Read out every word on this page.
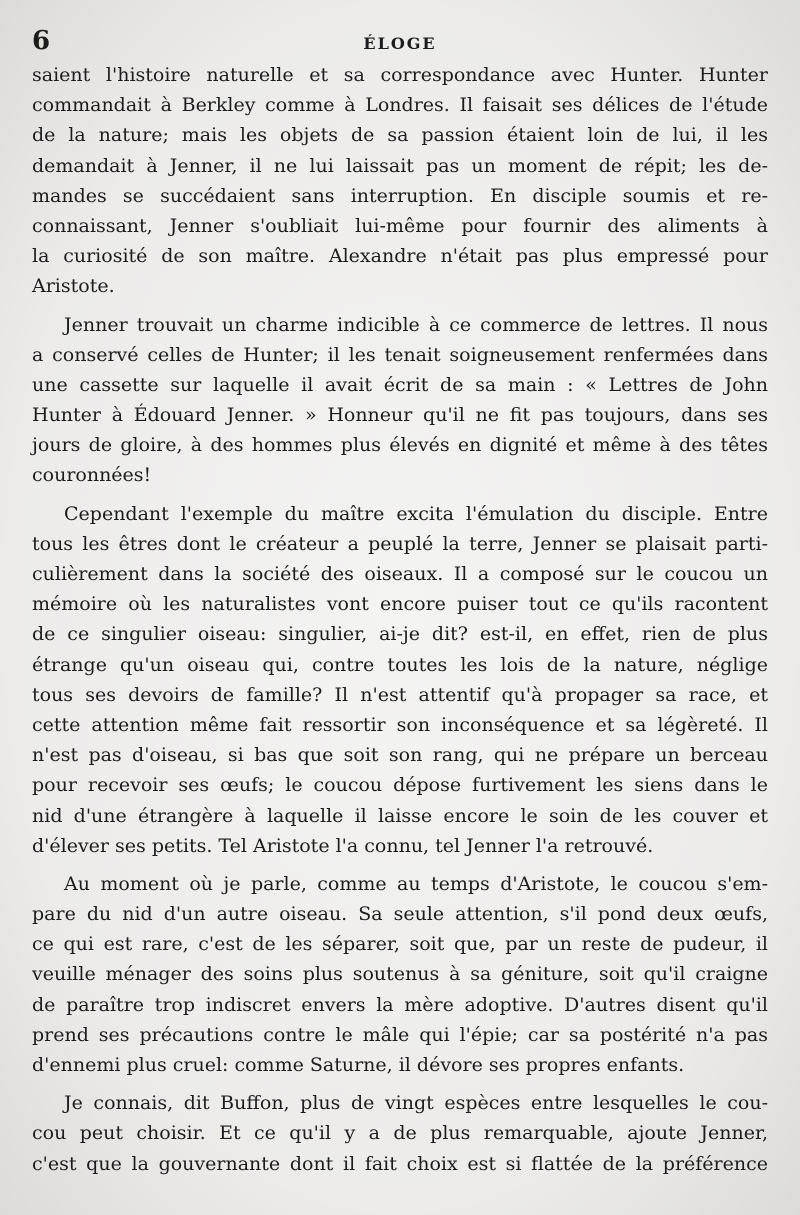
6	ÉLOGE
saient l'histoire naturelle et sa correspondance avec Hunter. Hunter
commandait à Berkley comme à Londres. Il faisait ses délices de l'étude
de la nature; mais les objets de sa passion étaient loin de lui, il les
demandait à Jenner, il ne lui laissait pas un moment de répit; les de-
mandes se succédaient sans interruption. En disciple soumis et re-
connaissant, Jenner s'oubliait lui-même pour fournir des aliments à
la curiosité de son maître. Alexandre n'était pas plus empressé pour
Aristote.
Jenner trouvait un charme indicible à ce commerce de lettres. Il nous
a conservé celles de Hunter; il les tenait soigneusement renfermées dans
une cassette sur laquelle il avait écrit de sa main : « Lettres de John
Hunter à Édouard Jenner. » Honneur qu'il ne fit pas toujours, dans ses
jours de gloire, à des hommes plus élevés en dignité et même à des têtes
couronnées!
Cependant l'exemple du maître excita l'émulation du disciple. Entre
tous les êtres dont le créateur a peuplé la terre, Jenner se plaisait parti-
culièrement dans la société des oiseaux. Il a composé sur le coucou un
mémoire où les naturalistes vont encore puiser tout ce qu'ils racontent
de ce singulier oiseau: singulier, ai-je dit? est-il, en effet, rien de plus
étrange qu'un oiseau qui, contre toutes les lois de la nature, néglige
tous ses devoirs de famille? Il n'est attentif qu'à propager sa race, et
cette attention même fait ressortir son inconséquence et sa légèreté. Il
n'est pas d'oiseau, si bas que soit son rang, qui ne prépare un berceau
pour recevoir ses œufs; le coucou dépose furtivement les siens dans le
nid d'une étrangère à laquelle il laisse encore le soin de les couver et
d'élever ses petits. Tel Aristote l'a connu, tel Jenner l'a retrouvé.
Au moment où je parle, comme au temps d'Aristote, le coucou s'em-
pare du nid d'un autre oiseau. Sa seule attention, s'il pond deux œufs,
ce qui est rare, c'est de les séparer, soit que, par un reste de pudeur, il
veuille ménager des soins plus soutenus à sa géniture, soit qu'il craigne
de paraître trop indiscret envers la mère adoptive. D'autres disent qu'il
prend ses précautions contre le mâle qui l'épie; car sa postérité n'a pas
d'ennemi plus cruel: comme Saturne, il dévore ses propres enfants.
Je connais, dit Buffon, plus de vingt espèces entre lesquelles le cou-
cou peut choisir. Et ce qu'il y a de plus remarquable, ajoute Jenner,
c'est que la gouvernante dont il fait choix est si flattée de la préférence
